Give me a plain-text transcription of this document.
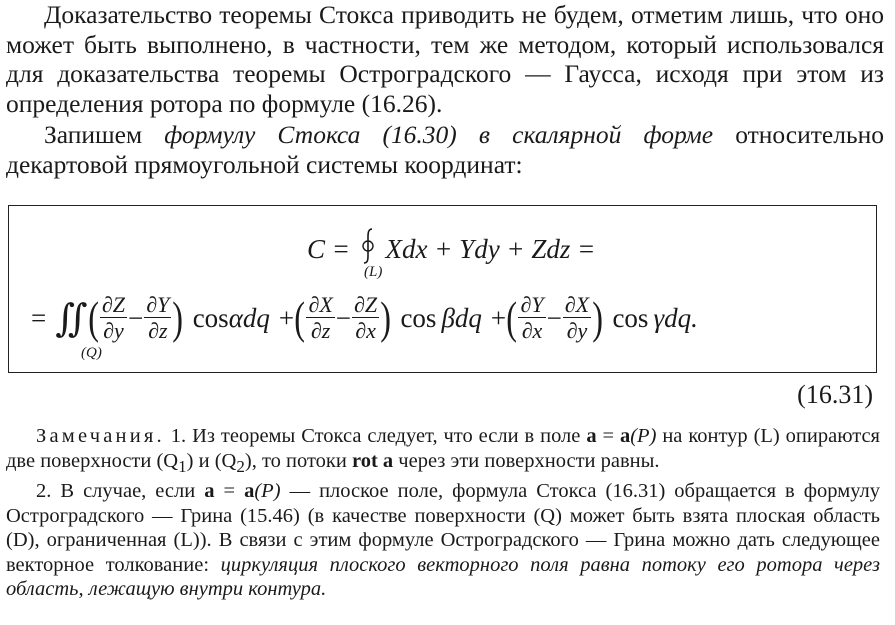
Доказательство теоремы Стокса приводить не будем, отметим лишь, что оно может быть выполнено, в частности, тем же методом, который использовался для доказательства теоремы Остроградского — Гаусса, исходя при этом из определения ротора по формуле (16.26).

Запишем формулу Стокса (16.30) в скалярной форме относительно декартовой прямоугольной системы координат:

C = Xdx + Ydy + Zdz =
(L)
= ∬ ( $\frac{\partial Z}{\partial y} - \frac{\partial Y}{\partial z}$ ) cos αdq + ( $\frac{\partial X}{\partial z} - \frac{\partial Z}{\partial x}$ ) cos βdq + ( $\frac{\partial Y}{\partial x} - \frac{\partial X}{\partial y}$ ) cos γdq.
(Q)
(16.31)

Замечания. 1. Из теоремы Стокса следует, что если в поле a = a(P) на контур (L) опираются две поверхности $(Q_1)$ и $(Q_2)$, то потоки rot a через эти поверхности равны.

2. В случае, если a = a(P) — плоское поле, формула Стокса (16.31) обращается в формулу Остроградского — Грина (15.46) (в качестве поверхности (Q) может быть взята плоская область (D), ограниченная (L)). В связи с этим формуле Остроградского — Грина можно дать следующее векторное толкование: циркуляция плоского векторного поля равна потоку его ротора через область, лежащую внутри контура.
